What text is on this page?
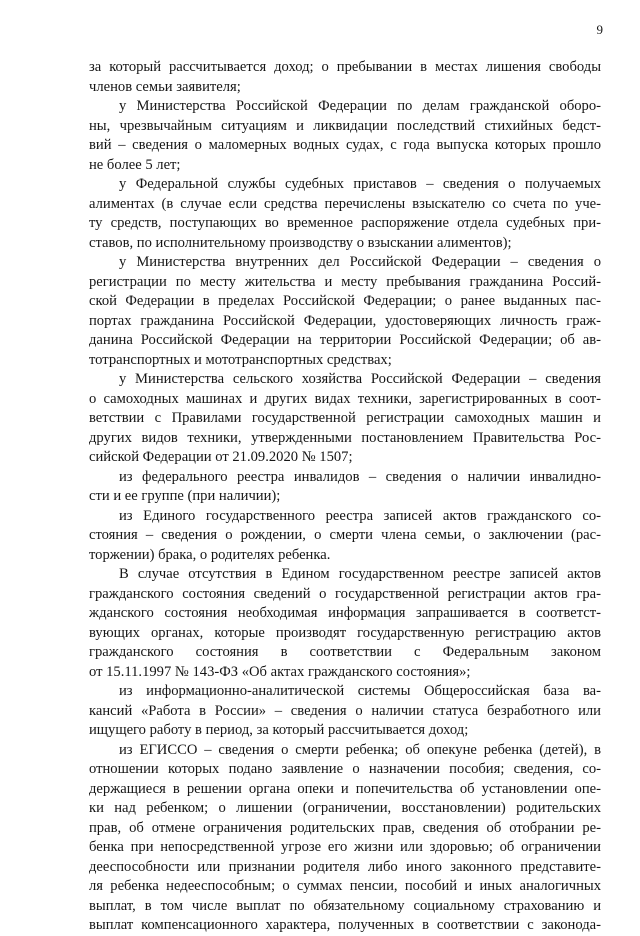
9
за который рассчитывается доход; о пребывании в местах лишения свободы
членов семьи заявителя;
у Министерства Российской Федерации по делам гражданской оборо-
ны, чрезвычайным ситуациям и ликвидации последствий стихийных бедст-
вий – сведения о маломерных водных судах, с года выпуска которых прошло
не более 5 лет;
у Федеральной службы судебных приставов – сведения о получаемых
алиментах (в случае если средства перечислены взыскателю со счета по уче-
ту средств, поступающих во временное распоряжение отдела судебных при-
ставов, по исполнительному производству о взыскании алиментов);
у Министерства внутренних дел Российской Федерации – сведения о
регистрации по месту жительства и месту пребывания гражданина Россий-
ской Федерации в пределах Российской Федерации; о ранее выданных пас-
портах гражданина Российской Федерации, удостоверяющих личность граж-
данина Российской Федерации на территории Российской Федерации; об ав-
тотранспортных и мототранспортных средствах;
у Министерства сельского хозяйства Российской Федерации – сведения
о самоходных машинах и других видах техники, зарегистрированных в соот-
ветствии с Правилами государственной регистрации самоходных машин и
других видов техники, утвержденными постановлением Правительства Рос-
сийской Федерации от 21.09.2020 № 1507;
из федерального реестра инвалидов – сведения о наличии инвалидно-
сти и ее группе (при наличии);
из Единого государственного реестра записей актов гражданского со-
стояния – сведения о рождении, о смерти члена семьи, о заключении (рас-
торжении) брака, о родителях ребенка.
В случае отсутствия в Едином государственном реестре записей актов
гражданского состояния сведений о государственной регистрации актов гра-
жданского состояния необходимая информация запрашивается в соответст-
вующих органах, которые производят государственную регистрацию актов
гражданского состояния в соответствии с Федеральным законом
от 15.11.1997 № 143-ФЗ «Об актах гражданского состояния»;
из информационно-аналитической системы Общероссийская база ва-
кансий «Работа в России» – сведения о наличии статуса безработного или
ищущего работу в период, за который рассчитывается доход;
из ЕГИССО – сведения о смерти ребенка; об опекуне ребенка (детей), в
отношении которых подано заявление о назначении пособия; сведения, со-
держащиеся в решении органа опеки и попечительства об установлении опе-
ки над ребенком; о лишении (ограничении, восстановлении) родительских
прав, об отмене ограничения родительских прав, сведения об отобрании ре-
бенка при непосредственной угрозе его жизни или здоровью; об ограничении
дееспособности или признании родителя либо иного законного представите-
ля ребенка недееспособным; о суммах пенсии, пособий и иных аналогичных
выплат, в том числе выплат по обязательному социальному страхованию и
выплат компенсационного характера, полученных в соответствии с законода-
